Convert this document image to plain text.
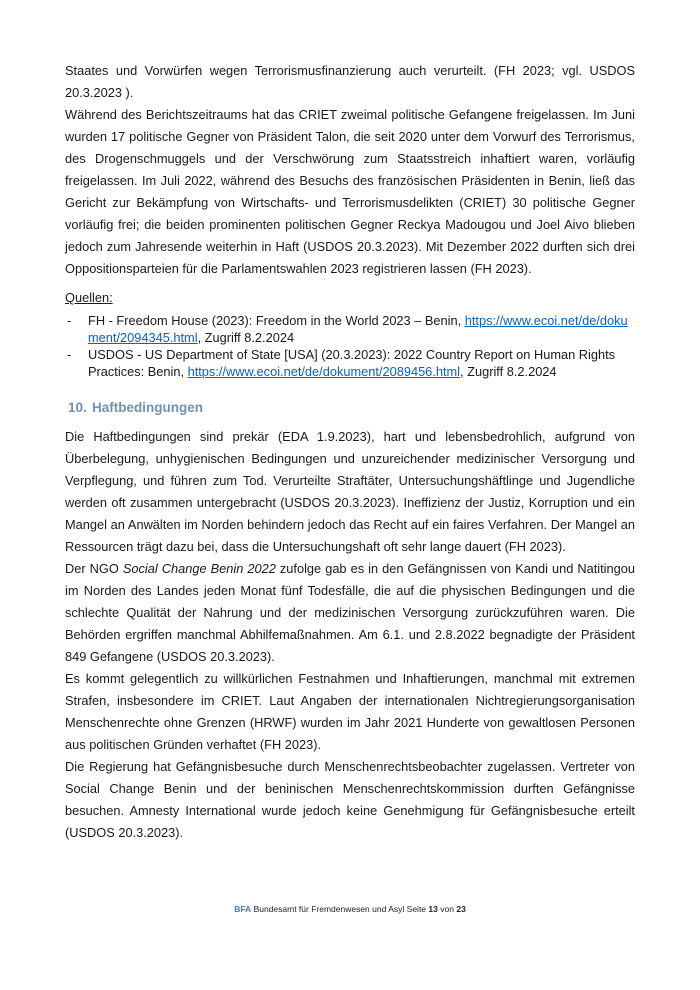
Staates und Vorwürfen wegen Terrorismusfinanzierung auch verurteilt. (FH 2023; vgl. USDOS 20.3.2023 ).

Während des Berichtszeitraums hat das CRIET zweimal politische Gefangene freigelassen. Im Juni wurden 17 politische Gegner von Präsident Talon, die seit 2020 unter dem Vorwurf des Terrorismus, des Drogenschmuggels und der Verschwörung zum Staatsstreich inhaftiert waren, vorläufig freigelassen. Im Juli 2022, während des Besuchs des französischen Präsidenten in Benin, ließ das Gericht zur Bekämpfung von Wirtschafts- und Terrorismusdelikten (CRIET) 30 politische Gegner vorläufig frei; die beiden prominenten politischen Gegner Reckya Madougou und Joel Aivo blieben jedoch zum Jahresende weiterhin in Haft (USDOS 20.3.2023). Mit Dezember 2022 durften sich drei Oppositionsparteien für die Parlamentswahlen 2023 registrieren lassen (FH 2023).

Quellen:

- FH - Freedom House (2023): Freedom in the World 2023 – Benin, https://www.ecoi.net/de/dokument/2094345.html, Zugriff 8.2.2024
- USDOS - US Department of State [USA] (20.3.2023): 2022 Country Report on Human Rights Practices: Benin, https://www.ecoi.net/de/dokument/2089456.html, Zugriff 8.2.2024
10. Haftbedingungen

Die Haftbedingungen sind prekär (EDA 1.9.2023), hart und lebensbedrohlich, aufgrund von Überbelegung, unhygienischen Bedingungen und unzureichender medizinischer Versorgung und Verpflegung, und führen zum Tod. Verurteilte Straftäter, Untersuchungshäftlinge und Jugendliche werden oft zusammen untergebracht (USDOS 20.3.2023). Ineffizienz der Justiz, Korruption und ein Mangel an Anwälten im Norden behindern jedoch das Recht auf ein faires Verfahren. Der Mangel an Ressourcen trägt dazu bei, dass die Untersuchungshaft oft sehr lange dauert (FH 2023).

Der NGO Social Change Benin 2022 zufolge gab es in den Gefängnissen von Kandi und Natitingou im Norden des Landes jeden Monat fünf Todesfälle, die auf die physischen Bedingungen und die schlechte Qualität der Nahrung und der medizinischen Versorgung zurückzuführen waren. Die Behörden ergriffen manchmal Abhilfemaßnahmen. Am 6.1. und 2.8.2022 begnadigte der Präsident 849 Gefangene (USDOS 20.3.2023).

Es kommt gelegentlich zu willkürlichen Festnahmen und Inhaftierungen, manchmal mit extremen Strafen, insbesondere im CRIET. Laut Angaben der internationalen Nichtregierungsorganisation Menschenrechte ohne Grenzen (HRWF) wurden im Jahr 2021 Hunderte von gewaltlosen Personen aus politischen Gründen verhaftet (FH 2023).

Die Regierung hat Gefängnisbesuche durch Menschenrechtsbeobachter zugelassen. Vertreter von Social Change Benin und der beninischen Menschenrechtskommission durften Gefängnisse besuchen. Amnesty International wurde jedoch keine Genehmigung für Gefängnisbesuche erteilt (USDOS 20.3.2023).

BFA Bundesamt für Fremdenwesen und Asyl Seite 13 von 23
